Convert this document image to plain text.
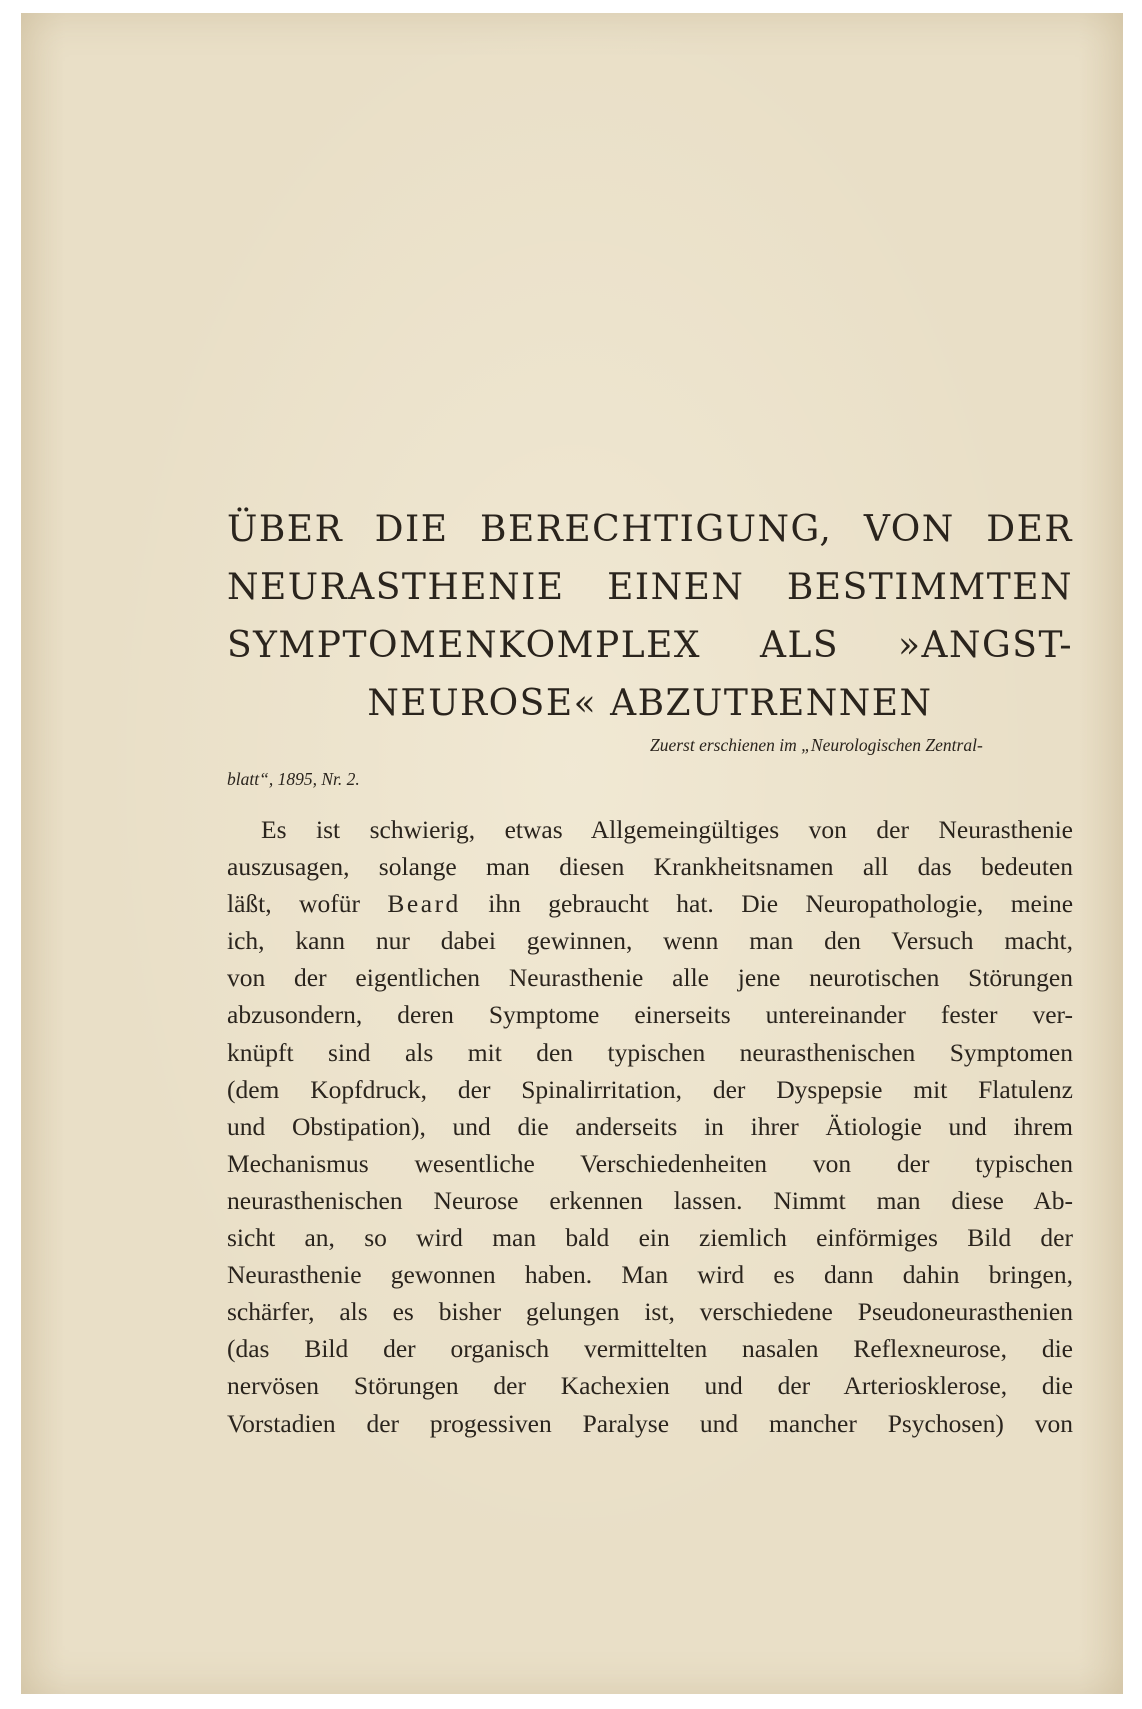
ÜBER DIE BERECHTIGUNG, VON DER
NEURASTHENIE EINEN BESTIMMTEN
SYMPTOMENKOMPLEX ALS »ANGST-
NEUROSE« ABZUTRENNEN
Zuerst erschienen im „Neurologischen Zentral-
blatt“, 1895, Nr. 2.
Es ist schwierig, etwas Allgemeingültiges von der Neurasthenie
auszusagen, solange man diesen Krankheitsnamen all das bedeuten
läßt, wofür Beard ihn gebraucht hat. Die Neuropathologie, meine
ich, kann nur dabei gewinnen, wenn man den Versuch macht,
von der eigentlichen Neurasthenie alle jene neurotischen Störungen
abzusondern, deren Symptome einerseits untereinander fester ver-
knüpft sind als mit den typischen neurasthenischen Symptomen
(dem Kopfdruck, der Spinalirritation, der Dyspepsie mit Flatulenz
und Obstipation), und die anderseits in ihrer Ätiologie und ihrem
Mechanismus wesentliche Verschiedenheiten von der typischen
neurasthenischen Neurose erkennen lassen. Nimmt man diese Ab-
sicht an, so wird man bald ein ziemlich einförmiges Bild der
Neurasthenie gewonnen haben. Man wird es dann dahin bringen,
schärfer, als es bisher gelungen ist, verschiedene Pseudoneurasthenien
(das Bild der organisch vermittelten nasalen Reflexneurose, die
nervösen Störungen der Kachexien und der Arteriosklerose, die
Vorstadien der progessiven Paralyse und mancher Psychosen) von
